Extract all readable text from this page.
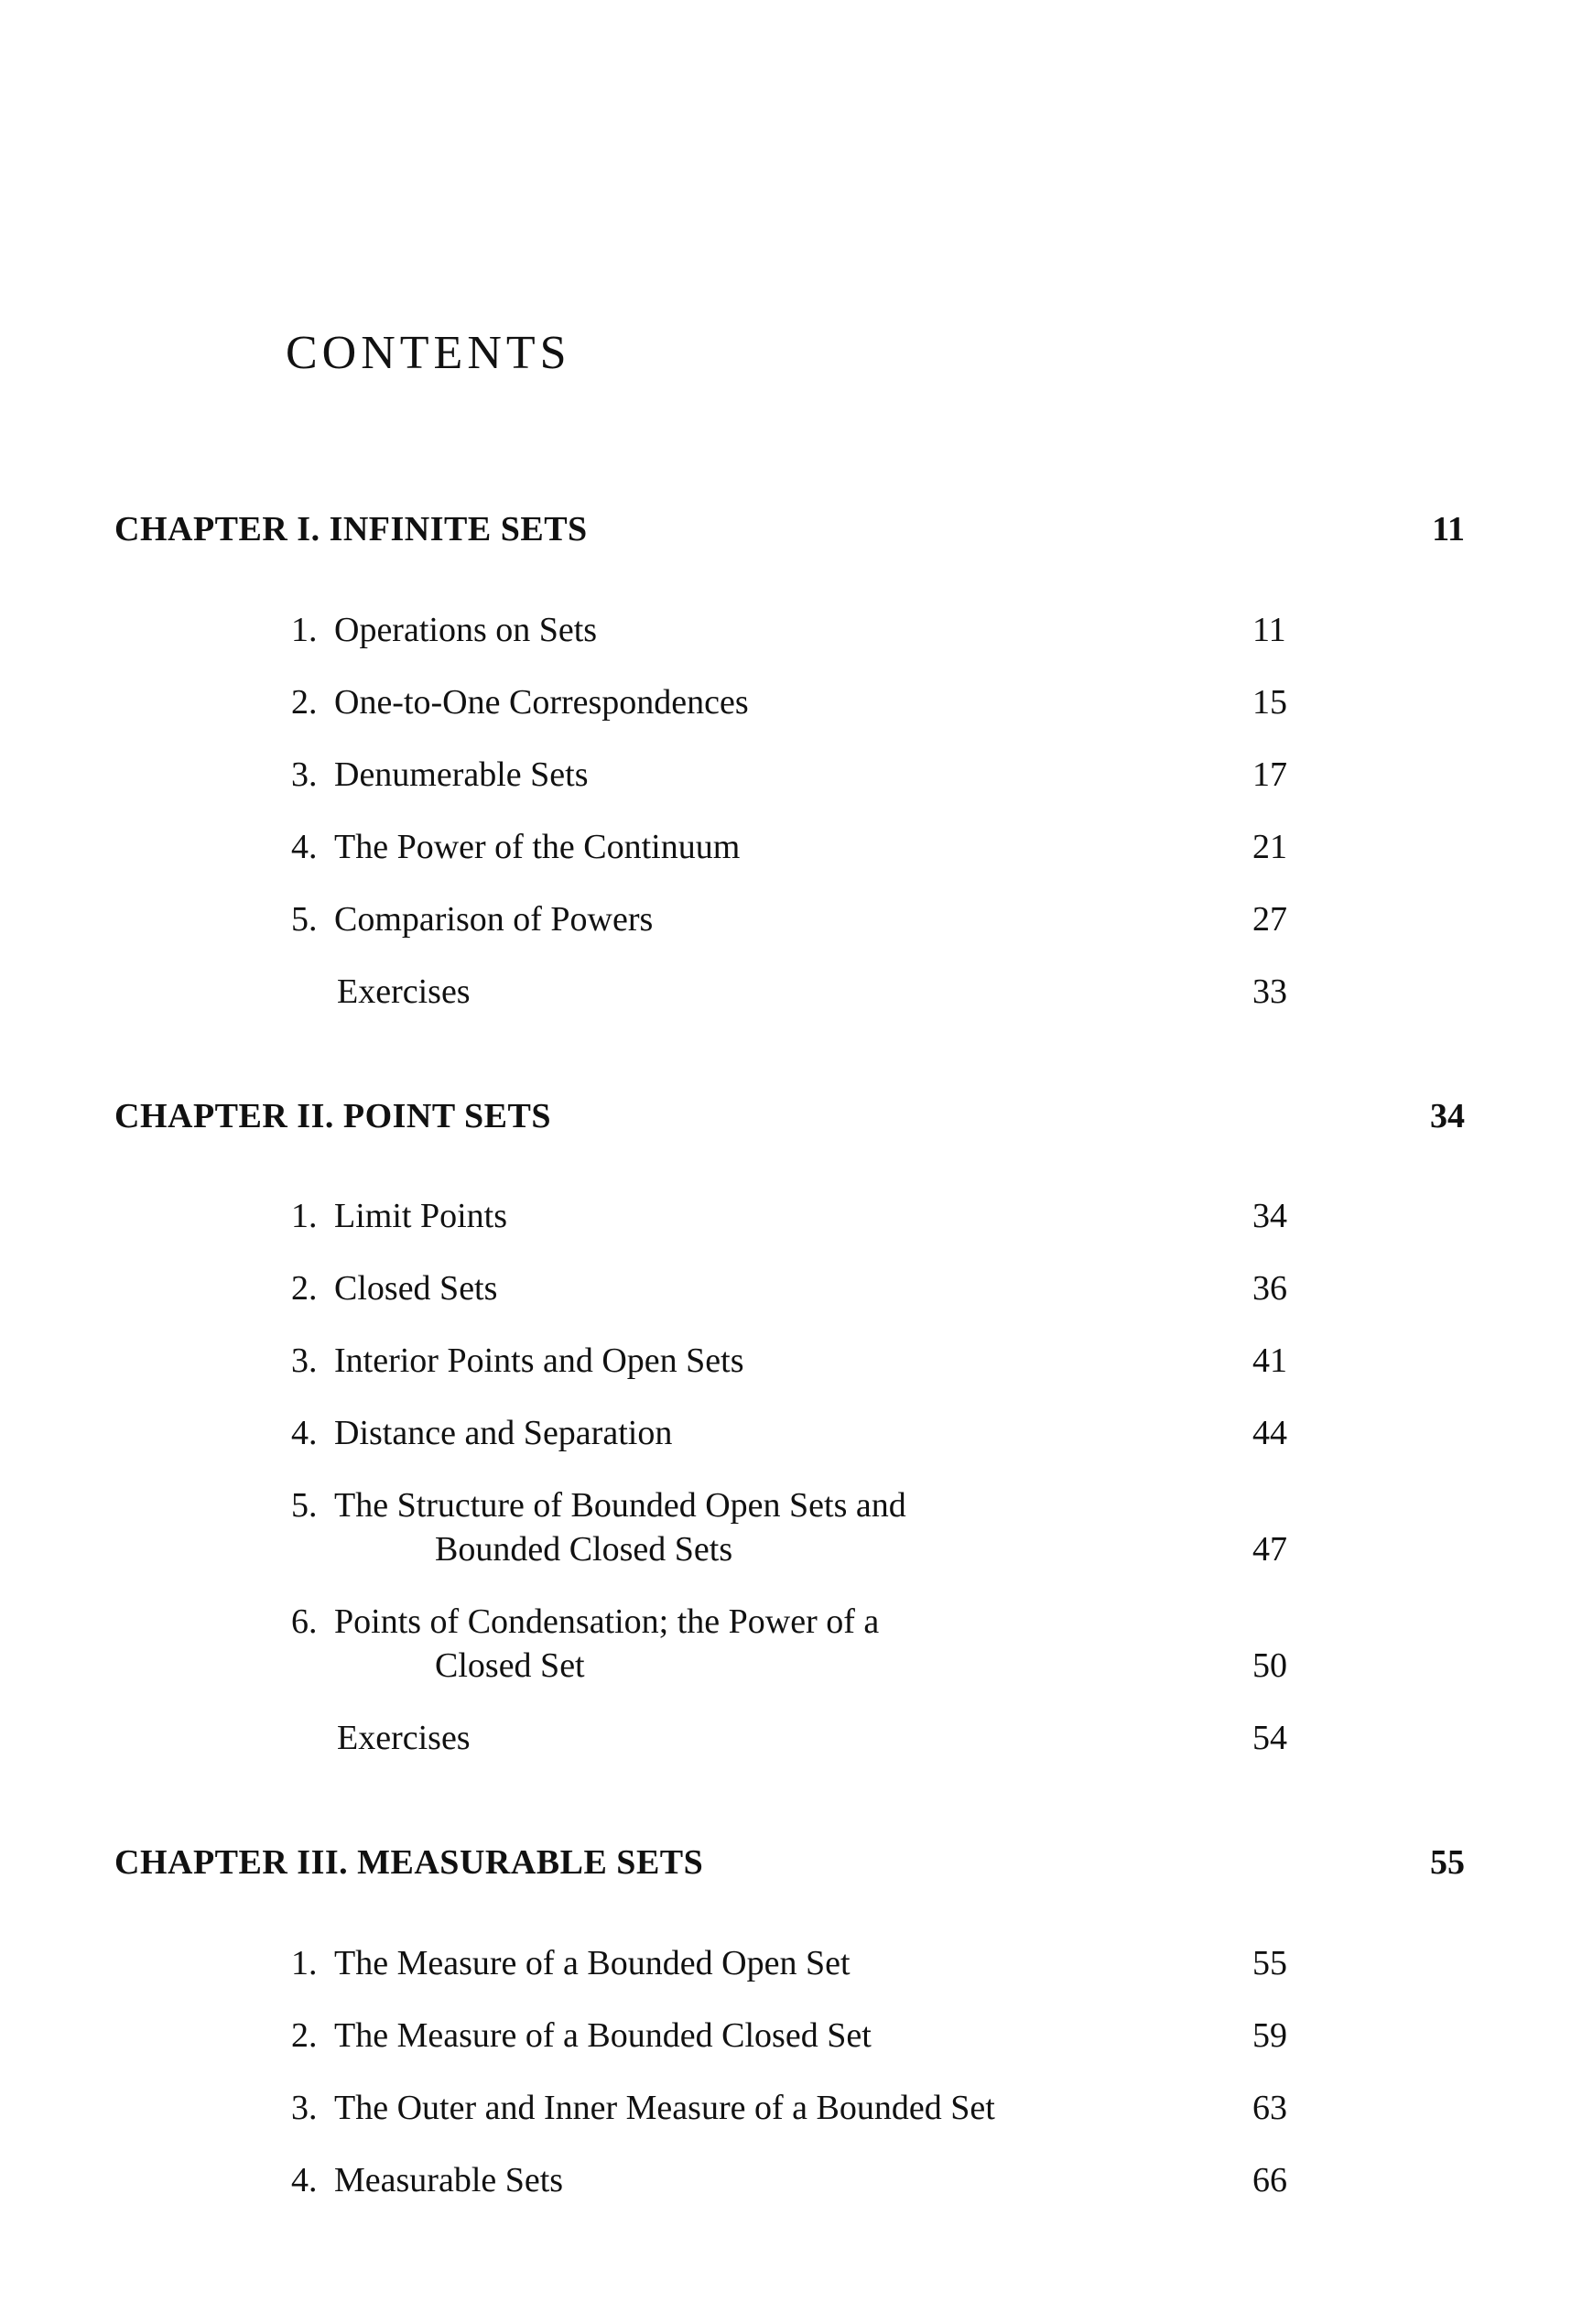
CONTENTS
CHAPTER I. INFINITE SETS	11
1. Operations on Sets	11
2. One-to-One Correspondences	15
3. Denumerable Sets	17
4. The Power of the Continuum	21
5. Comparison of Powers	27
Exercises	33
CHAPTER II. POINT SETS	34
1. Limit Points	34
2. Closed Sets	36
3. Interior Points and Open Sets	41
4. Distance and Separation	44
5. The Structure of Bounded Open Sets and
Bounded Closed Sets	47
6. Points of Condensation; the Power of a
Closed Set	50
Exercises	54
CHAPTER III. MEASURABLE SETS	55
1. The Measure of a Bounded Open Set	55
2. The Measure of a Bounded Closed Set	59
3. The Outer and Inner Measure of a Bounded Set	63
4. Measurable Sets	66
